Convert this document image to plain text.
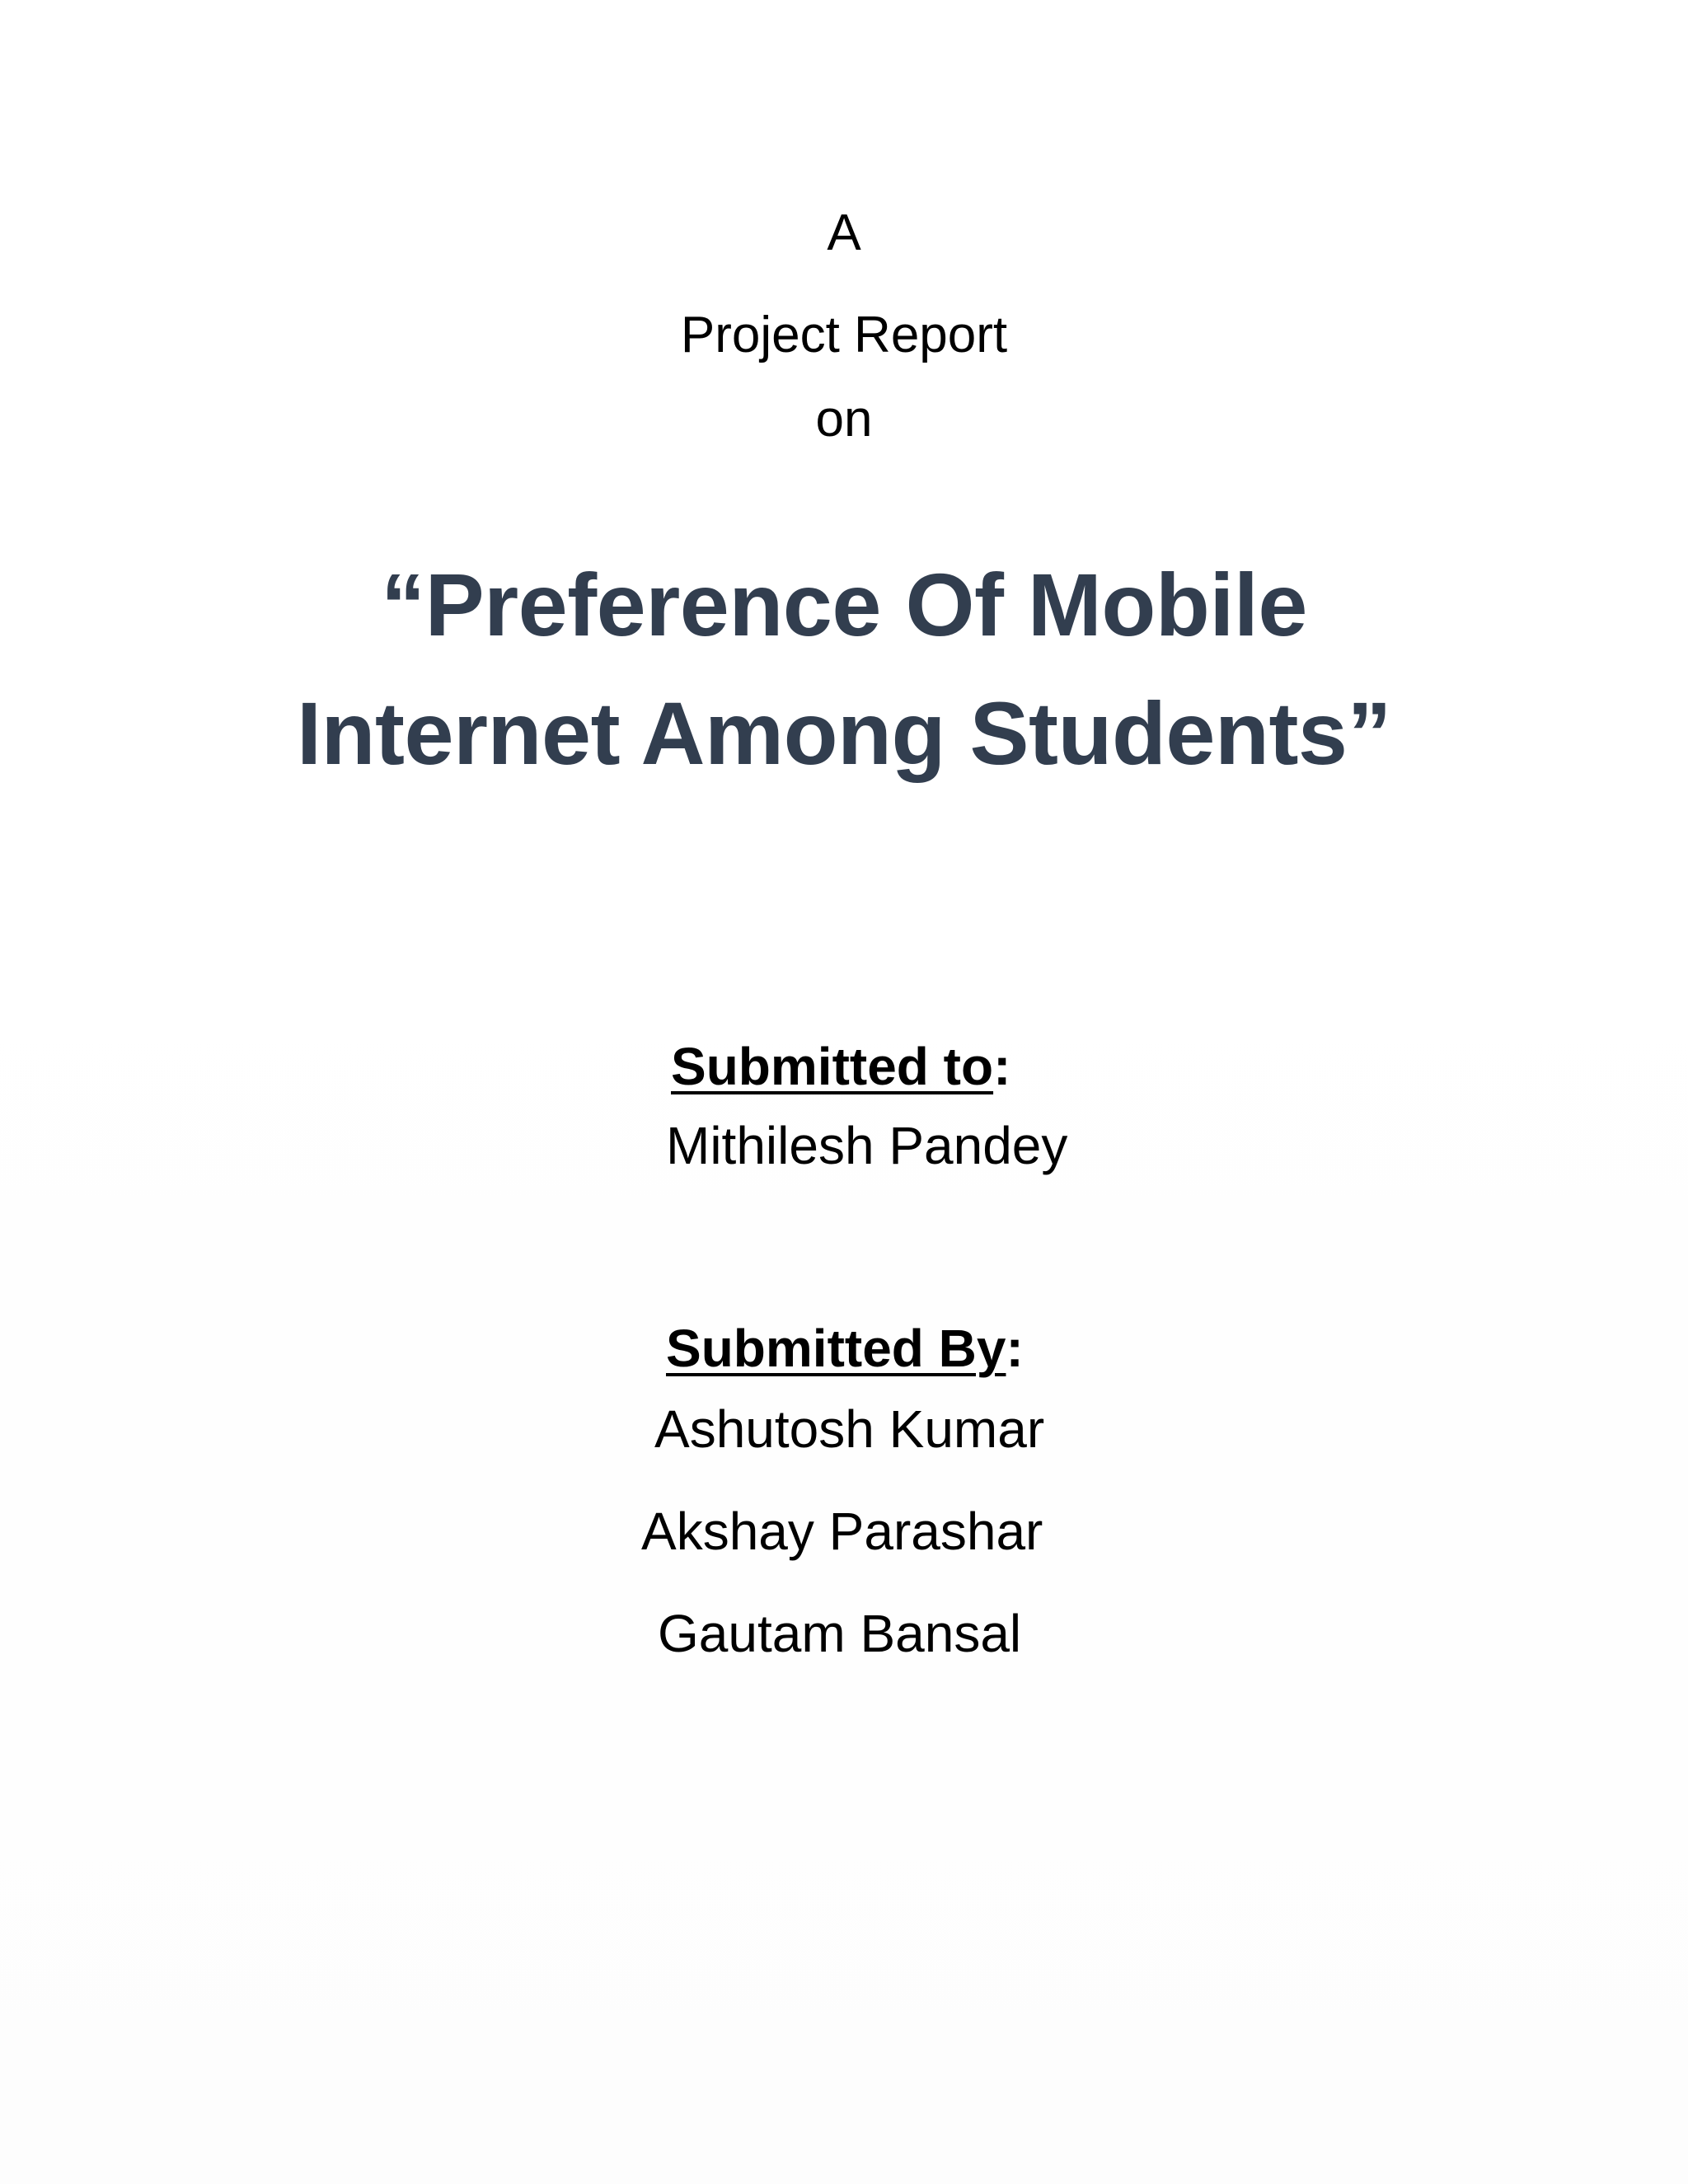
A
Project Report
on
“Preference Of Mobile
Internet Among Students”
Submitted to:
Mithilesh Pandey
Submitted By:
Ashutosh Kumar
Akshay Parashar
Gautam Bansal
